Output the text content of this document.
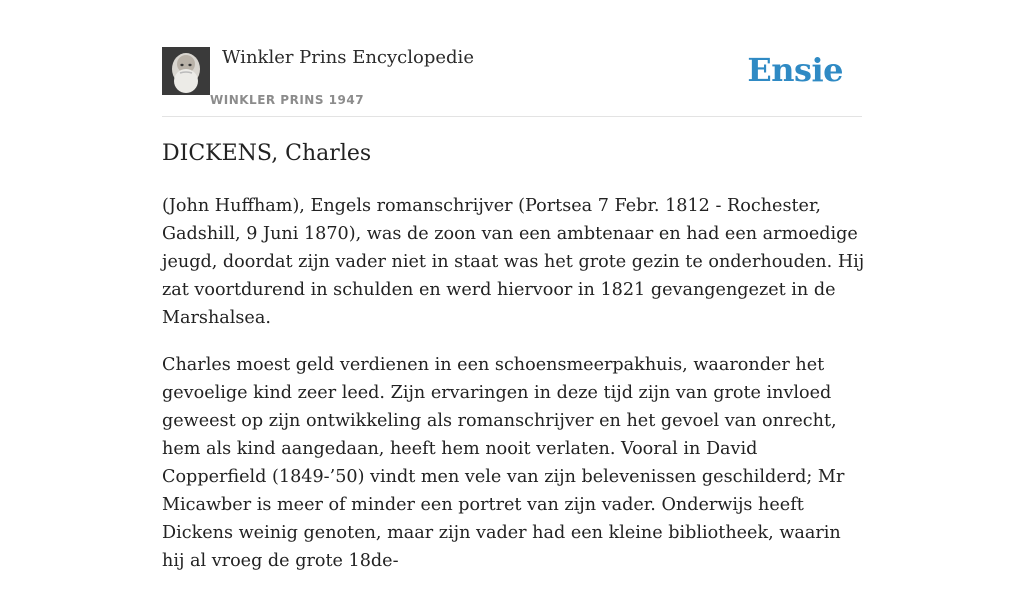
Winkler Prins Encyclopedie
WINKLER PRINS 1947
Ensie
DICKENS, Charles

(John Huffham), Engels romanschrijver (Portsea 7 Febr. 1812 - Rochester, Gadshill, 9 Juni 1870), was de zoon van een ambtenaar en had een armoedige jeugd, doordat zijn vader niet in staat was het grote gezin te onderhouden. Hij zat voortdurend in schulden en werd hiervoor in 1821 gevangengezet in de Marshalsea.

Charles moest geld verdienen in een schoensmeerpakhuis, waaronder het gevoelige kind zeer leed. Zijn ervaringen in deze tijd zijn van grote invloed geweest op zijn ontwikkeling als romanschrijver en het gevoel van onrecht, hem als kind aangedaan, heeft hem nooit verlaten. Vooral in David Copperfield (1849-’50) vindt men vele van zijn belevenissen geschilderd; Mr Micawber is meer of minder een portret van zijn vader. Onderwijs heeft Dickens weinig genoten, maar zijn vader had een kleine bibliotheek, waarin hij al vroeg de grote 18de-
